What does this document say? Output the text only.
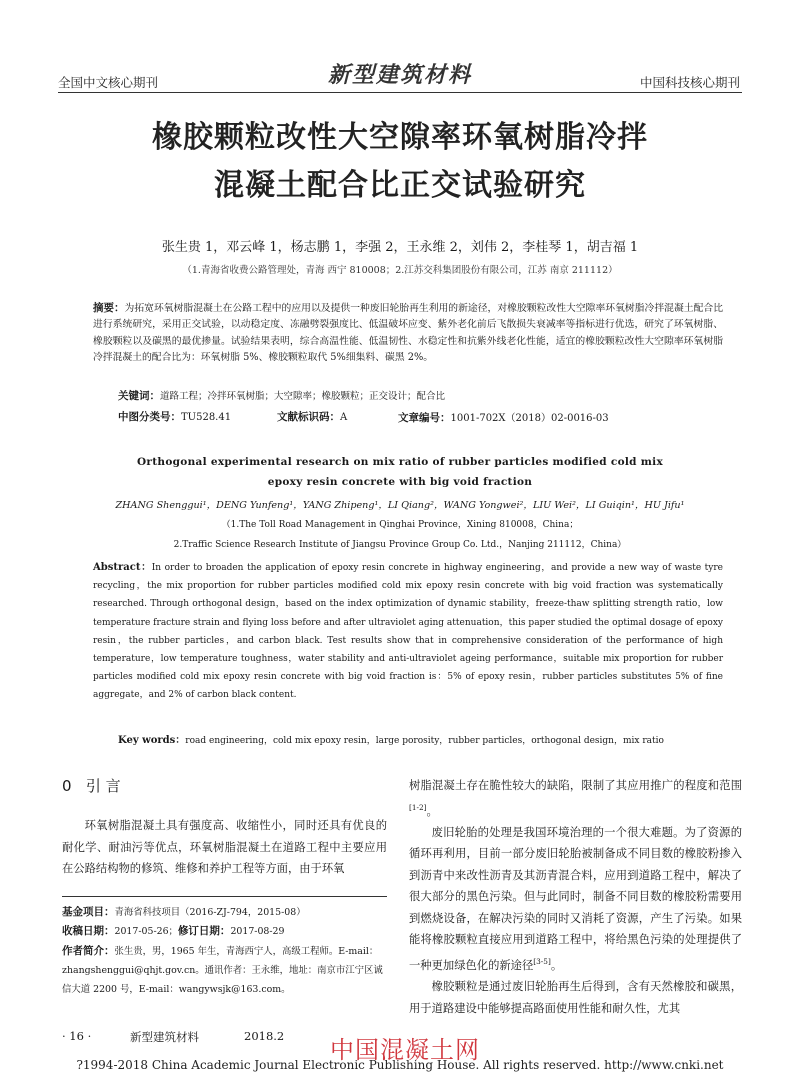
全国中文核心期刊	新型建筑材料	中国科技核心期刊
橡胶颗粒改性大空隙率环氧树脂冷拌
混凝土配合比正交试验研究
张生贵 1，邓云峰 1，杨志鹏 1，李强 2，王永维 2，刘伟 2，李桂琴 1，胡吉福 1
（1.青海省收费公路管理处，青海 西宁 810008；2.江苏交科集团股份有限公司，江苏 南京 211112）
摘要：为拓宽环氧树脂混凝土在公路工程中的应用以及提供一种废旧轮胎再生利用的新途径，对橡胶颗粒改性大空隙率环氧树脂冷拌混凝土配合比进行系统研究，采用正交试验，以动稳定度、冻融劈裂强度比、低温破坏应变、紫外老化前后飞散损失衰减率等指标进行优选，研究了环氧树脂、橡胶颗粒以及碳黑的最优掺量。试验结果表明，综合高温性能、低温韧性、水稳定性和抗紫外线老化性能，适宜的橡胶颗粒改性大空隙率环氧树脂冷拌混凝土的配合比为：环氧树脂 5%、橡胶颗粒取代 5%细集料、碳黑 2%。
关键词：道路工程；冷拌环氧树脂；大空隙率；橡胶颗粒；正交设计；配合比
中图分类号：TU528.41	文献标识码：A	文章编号：1001-702X（2018）02-0016-03
Orthogonal experimental research on mix ratio of rubber particles modified cold mix
epoxy resin concrete with big void fraction
ZHANG Shenggui¹，DENG Yunfeng¹，YANG Zhipeng¹，LI Qiang²，WANG Yongwei²，LIU Wei²，LI Guiqin¹，HU Jifu¹
（1.The Toll Road Management in Qinghai Province，Xining 810008，China；
2.Traffic Science Research Institute of Jiangsu Province Group Co. Ltd.，Nanjing 211112，China）
Abstract：In order to broaden the application of epoxy resin concrete in highway engineering，and provide a new way of waste tyre recycling，the mix proportion for rubber particles modified cold mix epoxy resin concrete with big void fraction was systematically researched. Through orthogonal design，based on the index optimization of dynamic stability，freeze-thaw splitting strength ratio，low temperature fracture strain and flying loss before and after ultraviolet aging attenuation，this paper studied the optimal dosage of epoxy resin，the rubber particles，and carbon black. Test results show that in comprehensive consideration of the performance of high temperature，low temperature toughness，water stability and anti-ultraviolet ageing performance，suitable mix proportion for rubber particles modified cold mix epoxy resin concrete with big void fraction is：5% of epoxy resin，rubber particles substitutes 5% of fine aggregate，and 2% of carbon black content.
Key words：road engineering，cold mix epoxy resin，large porosity，rubber particles，orthogonal design，mix ratio
0 引 言
环氧树脂混凝土具有强度高、收缩性小，同时还具有优良的耐化学、耐油污等优点，环氧树脂混凝土在道路工程中主要应用在公路结构物的修筑、维修和养护工程等方面，由于环氧
基金项目：青海省科技项目（2016-ZJ-794，2015-08）
收稿日期：2017-05-26；修订日期：2017-08-29
作者简介：张生贵，男，1965 年生，青海西宁人，高级工程师。E-mail：zhangshenggui@qhjt.gov.cn。通讯作者：王永维，地址：南京市江宁区诚信大道 2200 号，E-mail：wangywsjk@163.com。
树脂混凝土存在脆性较大的缺陷，限制了其应用推广的程度和范围[1-2]。
废旧轮胎的处理是我国环境治理的一个很大难题。为了资源的循环再利用，目前一部分废旧轮胎被制备成不同目数的橡胶粉掺入到沥青中来改性沥青及其沥青混合料，应用到道路工程中，解决了很大部分的黑色污染。但与此同时，制备不同目数的橡胶粉需要用到燃烧设备，在解决污染的同时又消耗了资源，产生了污染。如果能将橡胶颗粒直接应用到道路工程中，将给黑色污染的处理提供了一种更加绿色化的新途径[3-5]。
橡胶颗粒是通过废旧轮胎再生后得到，含有天然橡胶和碳黑，用于道路建设中能够提高路面使用性能和耐久性，尤其
· 16 ·	新型建筑材料	2018.2 中国混凝土网
?1994-2018 China Academic Journal Electronic Publishing House. All rights reserved. http://www.cnki.net
